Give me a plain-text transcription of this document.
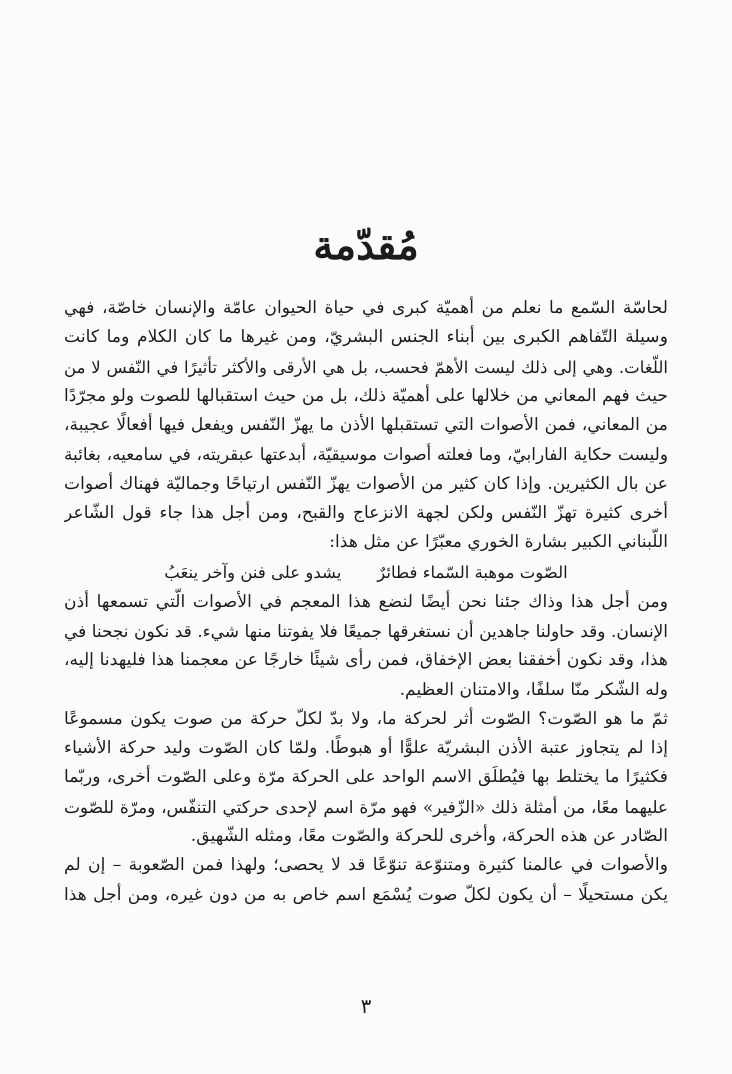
مُقدّمة
لحاسّة السّمع ما نعلم من أهميّة كبرى في حياة الحيوان عامّة والإنسان خاصّة، فهي
وسيلة التّفاهم الكبرى بين أبناء الجنس البشريّ، ومن غيرها ما كان الكلام وما كانت
اللّغات. وهي إلى ذلك ليست الأهمّ فحسب، بل هي الأرقى والأكثر تأثيرًا في النّفس لا من
حيث فهم المعاني من خلالها على أهميّة ذلك، بل من حيث استقبالها للصوت ولو مجرّدًا
من المعاني، فمن الأصوات التي تستقبلها الأذن ما يهزّ النّفس ويفعل فيها أفعالًا عجيبة،
وليست حكاية الفارابيّ، وما فعلته أصوات موسيقيّة، أبدعتها عبقريته، في سامعيه، بغائبة
عن بال الكثيرين. وإذا كان كثير من الأصوات يهزّ النّفس ارتياحًا وجماليّة فهناك أصوات
أخرى كثيرة تهزّ النّفس ولكن لجهة الانزعاج والقبح، ومن أجل هذا جاء قول الشّاعر
اللّبناني الكبير بشارة الخوري معبّرًا عن مثل هذا:
الصّوت موهبة السّماء فطائرٌ
يشدو على فنن وآخر ينعَبُ
ومن أجل هذا وذاك جئنا نحن أيضًا لنضع هذا المعجم في الأصوات الّتي تسمعها أذن
الإنسان. وقد حاولنا جاهدين أن نستغرقها جميعًا فلا يفوتنا منها شيء. قد نكون نجحنا في
هذا، وقد نكون أخفقنا بعض الإخفاق، فمن رأى شيئًا خارجًا عن معجمنا هذا فليهدنا إليه،
وله الشّكر منّا سلفًا، والامتنان العظيم.
ثمّ ما هو الصّوت؟ الصّوت أثر لحركة ما، ولا بدّ لكلّ حركة من صوت يكون مسموعًا
إذا لم يتجاوز عتبة الأذن البشريّة علوًّا أو هبوطًا. ولمّا كان الصّوت وليد حركة الأشياء
فكثيرًا ما يختلط بها فيُطلَق الاسم الواحد على الحركة مرّة وعلى الصّوت أخرى، وربّما
عليهما معًا، من أمثلة ذلك «الزّفير» فهو مرّة اسم لإحدى حركتي التنفّس، ومرّة للصّوت
الصّادر عن هذه الحركة، وأخرى للحركة والصّوت معًا، ومثله الشّهيق.
والأصوات في عالمنا كثيرة ومتنوّعة تنوّعًا قد لا يحصى؛ ولهذا فمن الصّعوبة – إن لم
يكن مستحيلًا – أن يكون لكلّ صوت يُسْمَع اسم خاص به من دون غيره، ومن أجل هذا
٣
